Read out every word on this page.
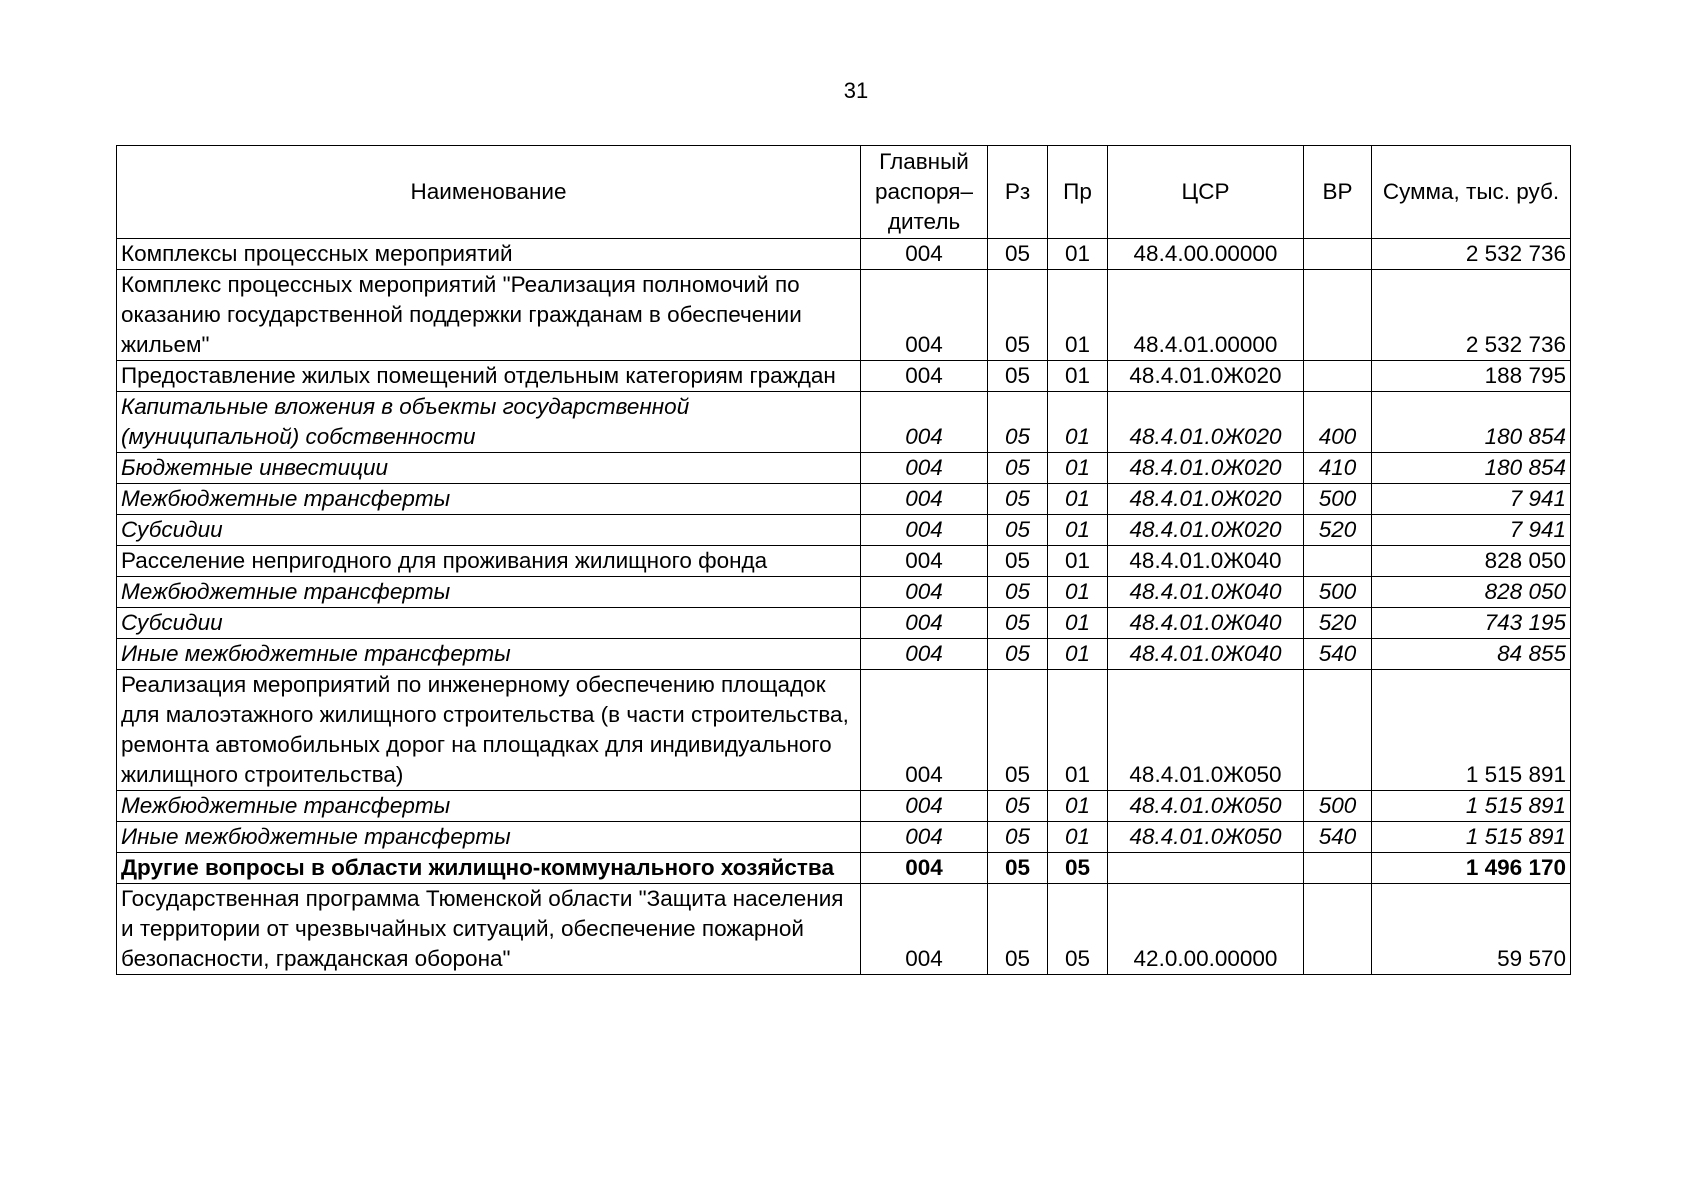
31
Наименование	Главный распоря–дитель	Рз	Пр	ЦСР	ВР	Сумма, тыс. руб.
Комплексы процессных мероприятий	004	05	01	48.4.00.00000		2 532 736
Комплекс процессных мероприятий "Реализация полномочий по оказанию государственной поддержки гражданам в обеспечении жильем"	004	05	01	48.4.01.00000		2 532 736
Предоставление жилых помещений отдельным категориям граждан	004	05	01	48.4.01.0Ж020		188 795
Капитальные вложения в объекты государственной (муниципальной) собственности	004	05	01	48.4.01.0Ж020	400	180 854
Бюджетные инвестиции	004	05	01	48.4.01.0Ж020	410	180 854
Межбюджетные трансферты	004	05	01	48.4.01.0Ж020	500	7 941
Субсидии	004	05	01	48.4.01.0Ж020	520	7 941
Расселение непригодного для проживания жилищного фонда	004	05	01	48.4.01.0Ж040		828 050
Межбюджетные трансферты	004	05	01	48.4.01.0Ж040	500	828 050
Субсидии	004	05	01	48.4.01.0Ж040	520	743 195
Иные межбюджетные трансферты	004	05	01	48.4.01.0Ж040	540	84 855
Реализация мероприятий по инженерному обеспечению площадок для малоэтажного жилищного строительства (в части строительства, ремонта автомобильных дорог на площадках для индивидуального жилищного строительства)	004	05	01	48.4.01.0Ж050		1 515 891
Межбюджетные трансферты	004	05	01	48.4.01.0Ж050	500	1 515 891
Иные межбюджетные трансферты	004	05	01	48.4.01.0Ж050	540	1 515 891
Другие вопросы в области жилищно-коммунального хозяйства	004	05	05			1 496 170
Государственная программа Тюменской области "Защита населения и территории от чрезвычайных ситуаций, обеспечение пожарной безопасности, гражданская оборона"	004	05	05	42.0.00.00000		59 570
